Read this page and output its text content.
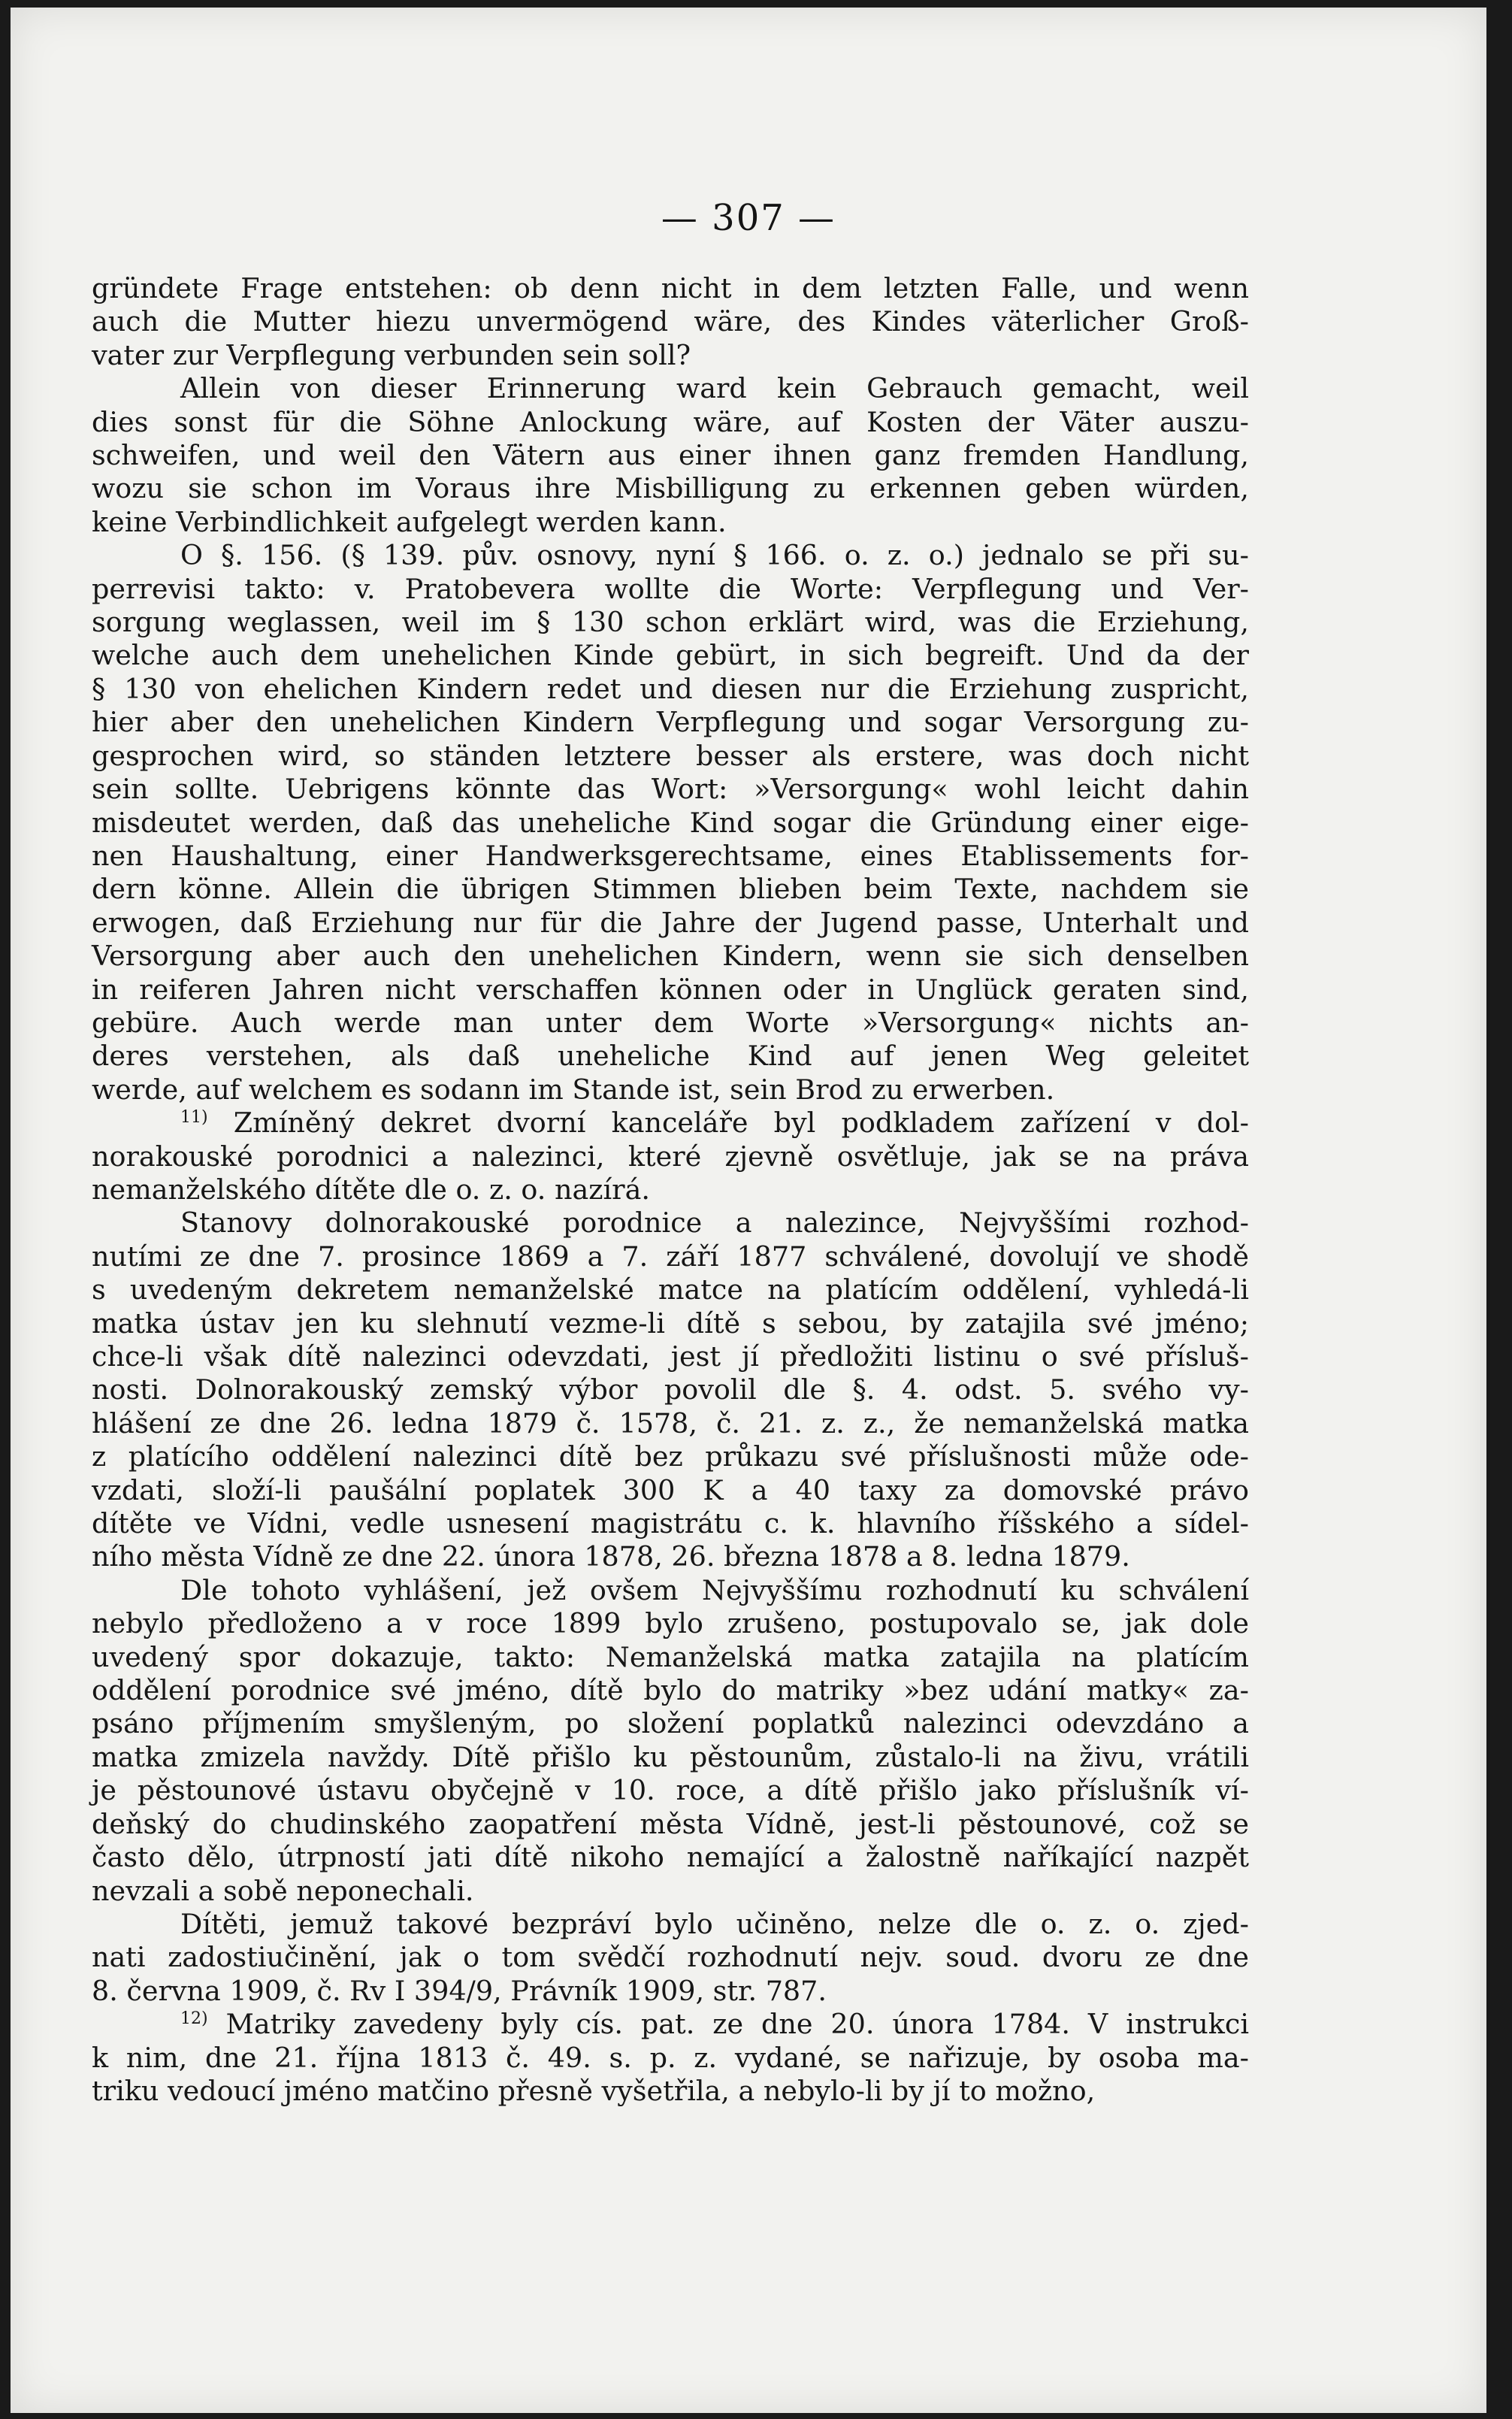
— 307 —

gründete Frage entstehen: ob denn nicht in dem letzten Falle, und wenn
auch die Mutter hiezu unvermögend wäre, des Kindes väterlicher Groß-
vater zur Verpflegung verbunden sein soll?

Allein von dieser Erinnerung ward kein Gebrauch gemacht, weil
dies sonst für die Söhne Anlockung wäre, auf Kosten der Väter auszu-
schweifen, und weil den Vätern aus einer ihnen ganz fremden Handlung,
wozu sie schon im Voraus ihre Misbilligung zu erkennen geben würden,
keine Verbindlichkeit aufgelegt werden kann.

O §. 156. (§ 139. pův. osnovy, nyní § 166. o. z. o.) jednalo se při su-
perrevisi takto: v. Pratobevera wollte die Worte: Verpflegung und Ver-
sorgung weglassen, weil im § 130 schon erklärt wird, was die Erziehung,
welche auch dem unehelichen Kinde gebürt, in sich begreift. Und da der
§ 130 von ehelichen Kindern redet und diesen nur die Erziehung zuspricht,
hier aber den unehelichen Kindern Verpflegung und sogar Versorgung zu-
gesprochen wird, so ständen letztere besser als erstere, was doch nicht
sein sollte. Uebrigens könnte das Wort: »Versorgung« wohl leicht dahin
misdeutet werden, daß das uneheliche Kind sogar die Gründung einer eige-
nen Haushaltung, einer Handwerksgerechtsame, eines Etablissements for-
dern könne. Allein die übrigen Stimmen blieben beim Texte, nachdem sie
erwogen, daß Erziehung nur für die Jahre der Jugend passe, Unterhalt und
Versorgung aber auch den unehelichen Kindern, wenn sie sich denselben
in reiferen Jahren nicht verschaffen können oder in Unglück geraten sind,
gebüre. Auch werde man unter dem Worte »Versorgung« nichts an-
deres verstehen, als daß uneheliche Kind auf jenen Weg geleitet
werde, auf welchem es sodann im Stande ist, sein Brod zu erwerben.

$^{11)}$ Zmíněný dekret dvorní kanceláře byl podkladem zařízení v dol-
norakouské porodnici a nalezinci, které zjevně osvětluje, jak se na práva
nemanželského dítěte dle o. z. o. nazírá.

Stanovy dolnorakouské porodnice a nalezince, Nejvyššími rozhod-
nutími ze dne 7. prosince 1869 a 7. září 1877 schválené, dovolují ve shodě
s uvedeným dekretem nemanželské matce na platícím oddělení, vyhledá-li
matka ústav jen ku slehnutí vezme-li dítě s sebou, by zatajila své jméno;
chce-li však dítě nalezinci odevzdati, jest jí předložiti listinu o své přísluš-
nosti. Dolnorakouský zemský výbor povolil dle §. 4. odst. 5. svého vy-
hlášení ze dne 26. ledna 1879 č. 1578, č. 21. z. z., že nemanželská matka
z platícího oddělení nalezinci dítě bez průkazu své příslušnosti může ode-
vzdati, složí-li paušální poplatek 300 K a 40 taxy za domovské právo
dítěte ve Vídni, vedle usnesení magistrátu c. k. hlavního říšského a sídel-
ního města Vídně ze dne 22. února 1878, 26. března 1878 a 8. ledna 1879.

Dle tohoto vyhlášení, jež ovšem Nejvyššímu rozhodnutí ku schválení
nebylo předloženo a v roce 1899 bylo zrušeno, postupovalo se, jak dole
uvedený spor dokazuje, takto: Nemanželská matka zatajila na platícím
oddělení porodnice své jméno, dítě bylo do matriky »bez udání matky« za-
psáno příjmením smyšleným, po složení poplatků nalezinci odevzdáno a
matka zmizela navždy. Dítě přišlo ku pěstounům, zůstalo-li na živu, vrátili
je pěstounové ústavu obyčejně v 10. roce, a dítě přišlo jako příslušník ví-
deňský do chudinského zaopatření města Vídně, jest-li pěstounové, což se
často dělo, útrpností jati dítě nikoho nemající a žalostně naříkající nazpět
nevzali a sobě neponechali.

Dítěti, jemuž takové bezpráví bylo učiněno, nelze dle o. z. o. zjed-
nati zadostiučinění, jak o tom svědčí rozhodnutí nejv. soud. dvoru ze dne
8. června 1909, č. Rv I 394/9, Právník 1909, str. 787.

$^{12)}$ Matriky zavedeny byly cís. pat. ze dne 20. února 1784. V instrukci
k nim, dne 21. října 1813 č. 49. s. p. z. vydané, se nařizuje, by osoba ma-
triku vedoucí jméno matčino přesně vyšetřila, a nebylo-li by jí to možno,
